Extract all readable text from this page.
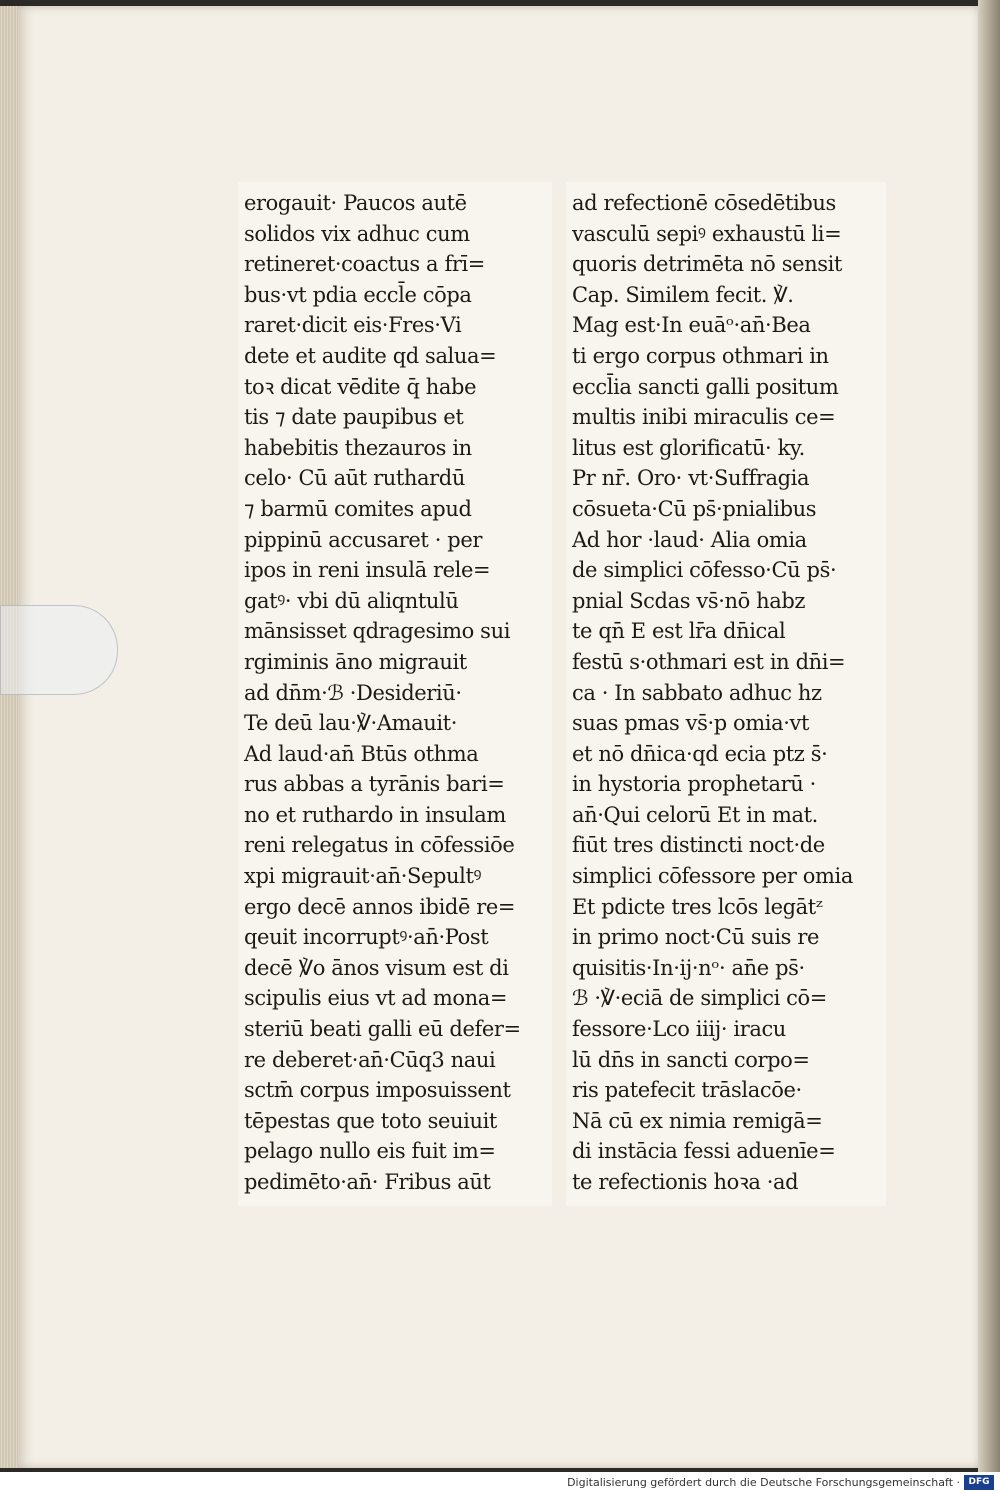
erogauit· Paucos autē
solidos vix adhuc cum
retineret·coactus a frī=
bus·vt pdia eccl̄e cōpa
raret·dicit eis·Fres·Vi
dete et audite qd salua=
toꝛ dicat vēdite q̄ habe
tis ⁊ date paupibus et
habebitis thezauros in
celo· Cū aūt ruthardū
⁊ barmū comites apud
pippinū accusaret · per
ipos in reni insulā rele=
gatꝰ· vbi dū aliqntulū
mānsisset qdragesimo sui
rgiminis āno migrauit
ad dn̄m·ℬ ·Desideriū·
Te deū lau·℣·Amauit·
Ad laud·an̄ Btūs othma
rus abbas a tyrānis bari=
no et ruthardo in insulam
reni relegatus in cōfessiōe
xpi migrauit·an̄·Sepultꝰ
ergo decē annos ibidē re=
qeuit incorruptꝰ·an̄·Post
decē ℣o ānos visum est di
scipulis eius vt ad mona=
steriū beati galli eū defer=
re deberet·an̄·Cūq3 naui
sctm̄ corpus imposuissent
tēpestas que toto seuiuit
pelago nullo eis fuit im=
pedimēto·an̄· Fribus aūt
ad refectionē cōsedētibus
vasculū sepiꝰ exhaustū li=
quoris detrimēta nō sensit
Cap. Similem fecit. ℣.
Mag est·In euāᵒ·an̄·Bea
ti ergo corpus othmari in
eccl̄ia sancti galli positum
multis inibi miraculis ce=
litus est glorificatū· ky.
Pr nr̄. Oro· vt·Suffragia
cōsueta·Cū ps̄·pnialibus
Ad hor ·laud· Alia omia
de simplici cōfesso·Cū ps̄·
pnial Scdas vs̄·nō habz
te qn̄ E est lr̄a dn̄ical
festū s·othmari est in dn̄i=
ca · In sabbato adhuc hz
suas pmas vs̄·p omia·vt
et nō dn̄ica·qd ecia ptz s̄·
in hystoria prophetarū ·
an̄·Qui celorū Et in mat.
fiūt tres distincti noct·de
simplici cōfessore per omia
Et pdicte tres lcōs legātᶻ
in primo noct·Cū suis re
quisitis·In·ij·nᵒ· an̄e ps̄·
ℬ ·℣·eciā de simplici cō=
fessore·Lco iiij· iracu
lū dn̄s in sancti corpo=
ris patefecit trāslacōe·
Nā cū ex nimia remigā=
di instācia fessi aduenīe=
te refectionis hoꝛa ·ad
Digitalisierung gefördert durch die Deutsche Forschungsgemeinschaft · DFG
